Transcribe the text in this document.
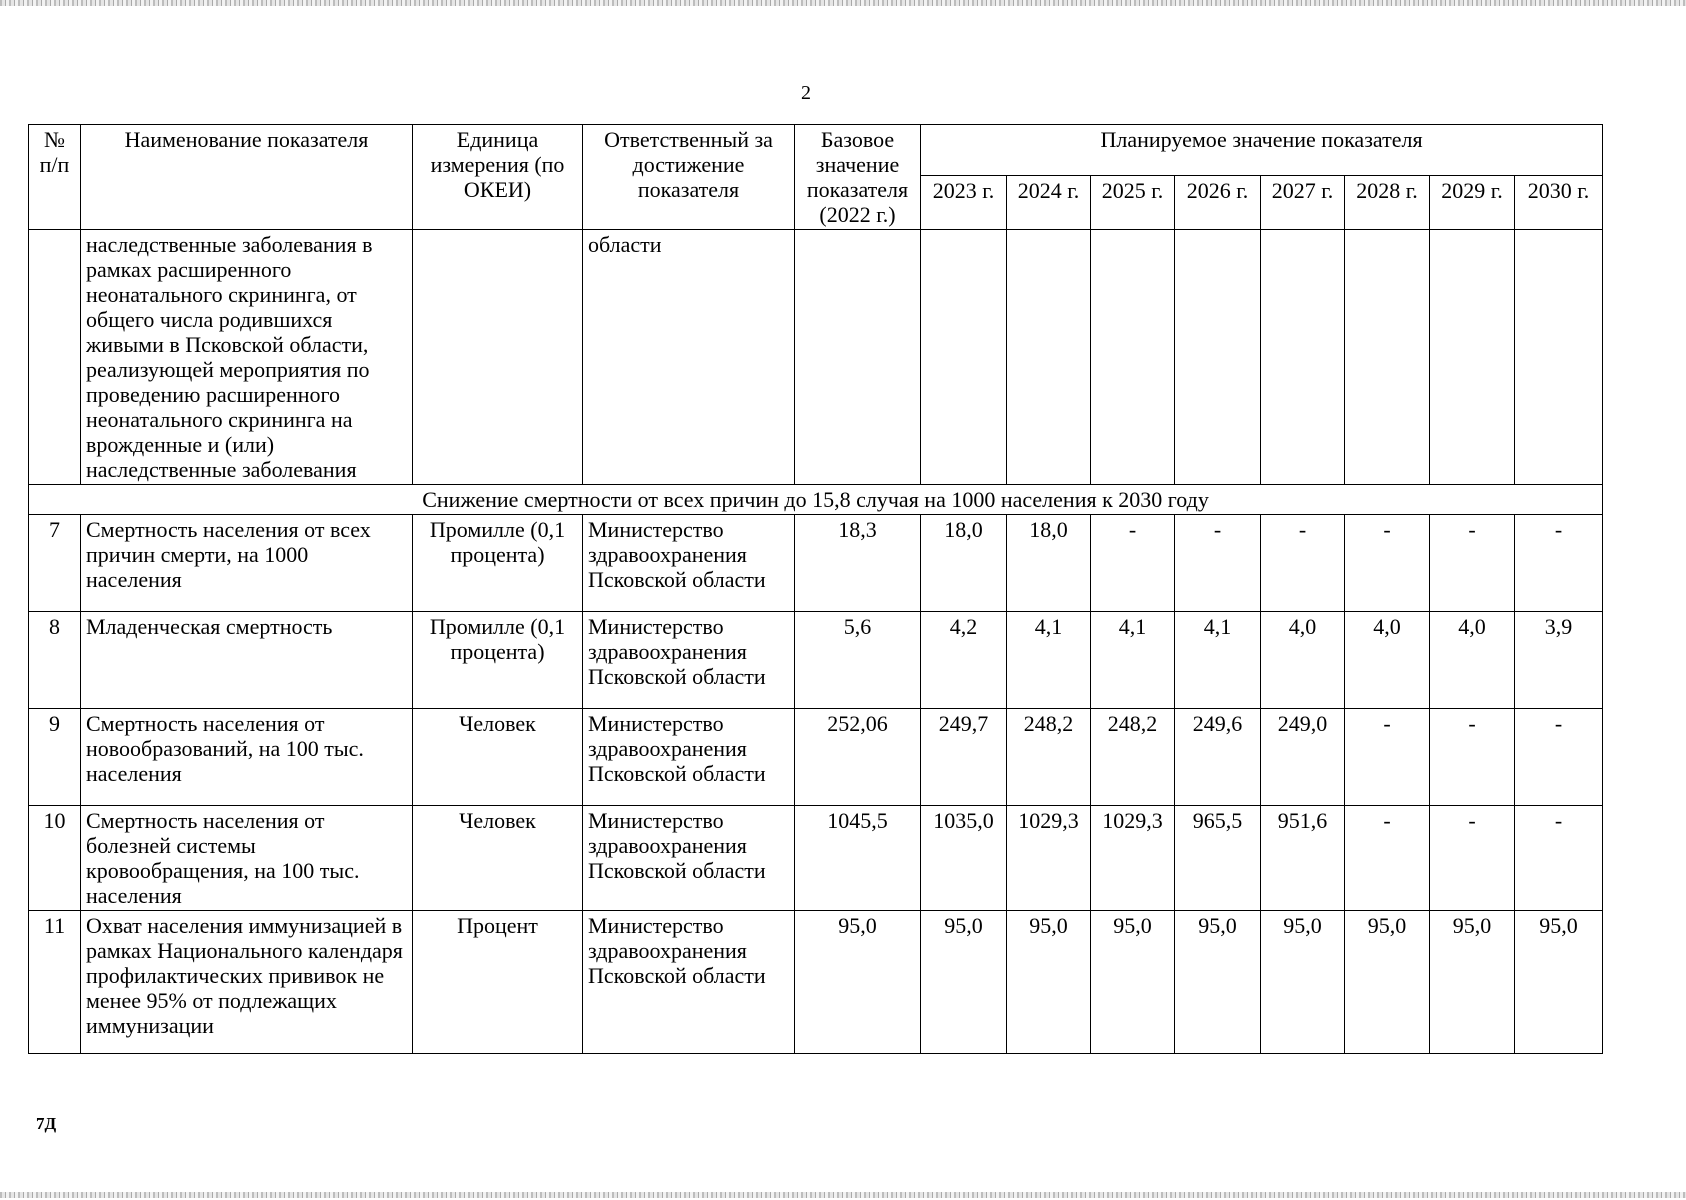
2
№ п/п	Наименование показателя	Единица измерения (по ОКЕИ)	Ответственный за достижение показателя	Базовое значение показателя (2022 г.)	Планируемое значение показателя							
					2023 г.	2024 г.	2025 г.	2026 г.	2027 г.	2028 г.	2029 г.	2030 г.
	наследственные заболевания в рамках расширенного неонатального скрининга, от общего числа родившихся живыми в Псковской области, реализующей мероприятия по проведению расширенного неонатального скрининга на врожденные и (или) наследственные заболевания		области									
Снижение смертности от всех причин до 15,8 случая на 1000 населения к 2030 году												
7	Смертность населения от всех причин смерти, на 1000 населения	Промилле (0,1 процента)	Министерство здравоохранения Псковской области	18,3	18,0	18,0	-	-	-	-	-	-
8	Младенческая смертность	Промилле (0,1 процента)	Министерство здравоохранения Псковской области	5,6	4,2	4,1	4,1	4,1	4,0	4,0	4,0	3,9
9	Смертность населения от новообразований, на 100 тыс. населения	Человек	Министерство здравоохранения Псковской области	252,06	249,7	248,2	248,2	249,6	249,0	-	-	-
10	Смертность населения от болезней системы кровообращения, на 100 тыс. населения	Человек	Министерство здравоохранения Псковской области	1045,5	1035,0	1029,3	1029,3	965,5	951,6	-	-	-
11	Охват населения иммунизацией в рамках Национального календаря профилактических прививок не менее 95% от подлежащих иммунизации	Процент	Министерство здравоохранения Псковской области	95,0	95,0	95,0	95,0	95,0	95,0	95,0	95,0	95,0
7Д
